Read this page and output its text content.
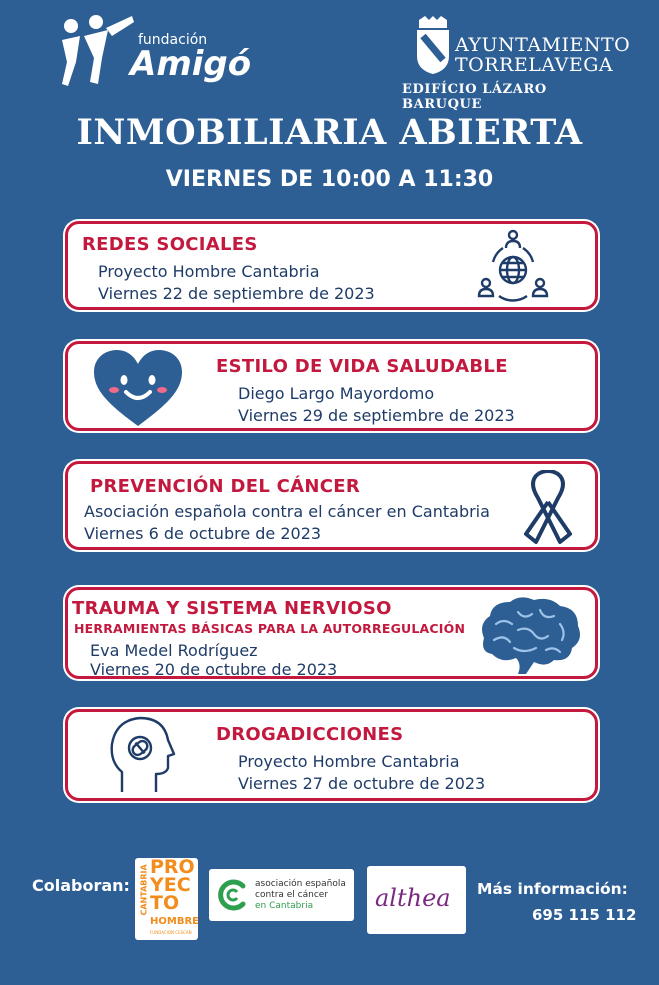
fundación
Amigó	AYUNTAMIENTO
TORRELAVEGA
EDIFÍCIO LÁZARO BARUQUE
INMOBILIARIA ABIERTA
VIERNES DE 10:00 A 11:30
REDES SOCIALES
Proyecto Hombre Cantabria
Viernes 22 de septiembre de 2023
ESTILO DE VIDA SALUDABLE
Diego Largo Mayordomo
Viernes 29 de septiembre de 2023
PREVENCIÓN DEL CÁNCER
Asociación española contra el cáncer en Cantabria
Viernes 6 de octubre de 2023
TRAUMA Y SISTEMA NERVIOSO
HERRAMIENTAS BÁSICAS PARA LA AUTORREGULACIÓN
Eva Medel Rodríguez
Viernes 20 de octubre de 2023
DROGADICCIONES
Proyecto Hombre Cantabria
Viernes 27 de octubre de 2023
Colaboran: CANTABRIA PRO
YEC
TO
HOMBRE
FUNDACIÓN CESCAN
asociación española
contra el cáncer
en Cantabria	althea Más información:
695 115 112
